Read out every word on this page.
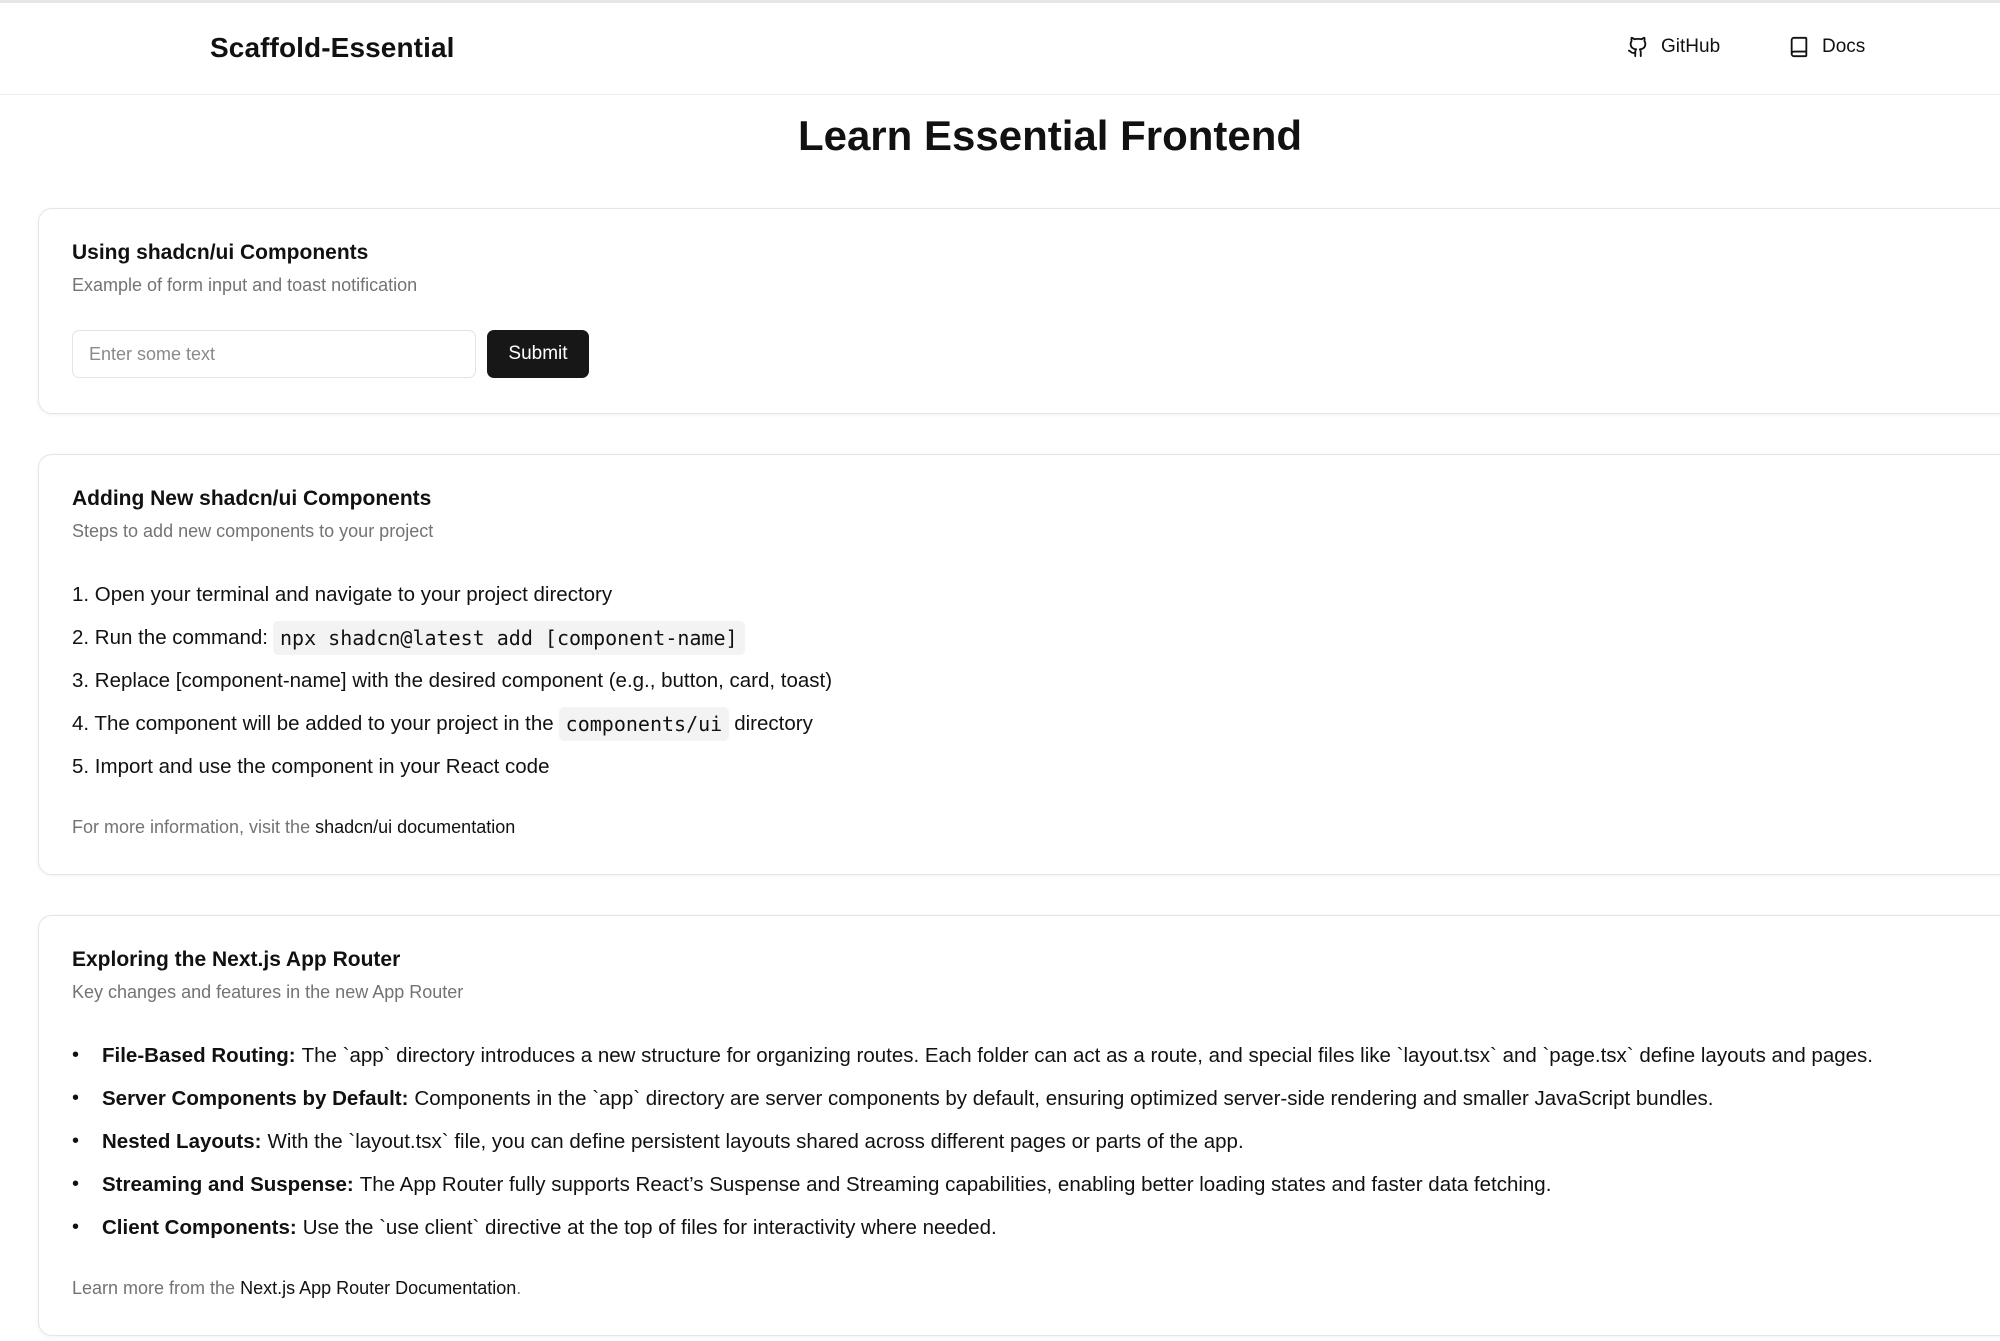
Scaffold-Essential	GitHub	Docs
Learn Essential Frontend
Using shadcn/ui Components
Example of form input and toast notification
Enter some text
Submit
Adding New shadcn/ui Components
Steps to add new components to your project
1. Open your terminal and navigate to your project directory
2. Run the command: npx shadcn@latest add [component-name]
3. Replace [component-name] with the desired component (e.g., button, card, toast)
4. The component will be added to your project in the components/ui directory
5. Import and use the component in your React code
For more information, visit the shadcn/ui documentation
Exploring the Next.js App Router
Key changes and features in the new App Router
•	File-Based Routing: The `app` directory introduces a new structure for organizing routes. Each folder can act as a route, and special files like `layout.tsx` and `page.tsx` define layouts and pages.
•	Server Components by Default: Components in the `app` directory are server components by default, ensuring optimized server-side rendering and smaller JavaScript bundles.
•	Nested Layouts: With the `layout.tsx` file, you can define persistent layouts shared across different pages or parts of the app.
•	Streaming and Suspense: The App Router fully supports React’s Suspense and Streaming capabilities, enabling better loading states and faster data fetching.
•	Client Components: Use the `use client` directive at the top of files for interactivity where needed.
Learn more from the Next.js App Router Documentation.
